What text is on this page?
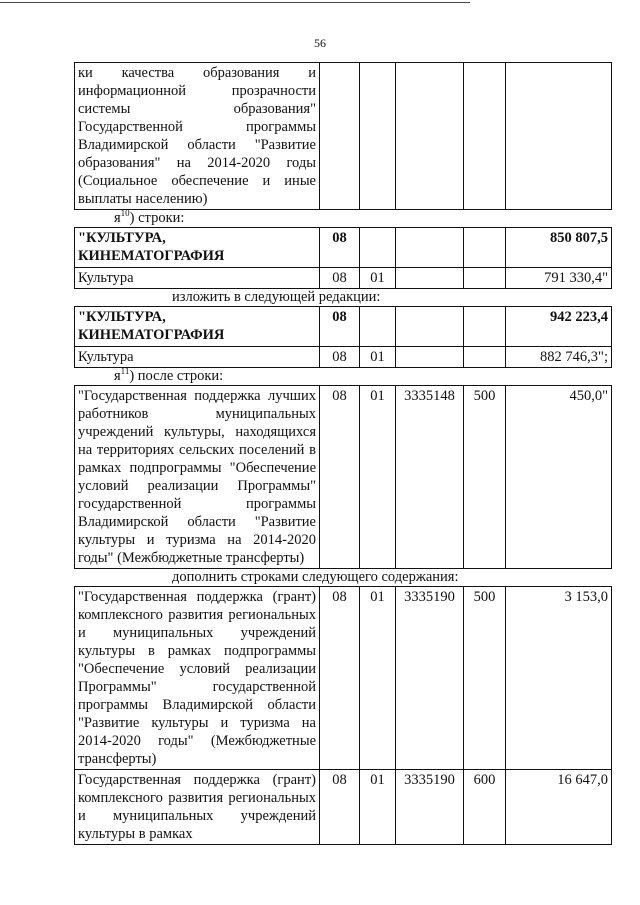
56
ки качества образования и информационной прозрачности системы образования" Государственной программы Владимирской области "Развитие образования" на 2014-2020 годы (Социальное обеспечение и иные выплаты населению)					
$я^{10}$) строки:
"КУЛЬТУРА, КИНЕМАТОГРАФИЯ	08				850 807,5
Культура	08	01			791 330,4"
изложить в следующей редакции:
"КУЛЬТУРА, КИНЕМАТОГРАФИЯ	08				942 223,4
Культура	08	01			882 746,3";
$я^{11}$) после строки:
"Государственная поддержка лучших работников муниципальных учреждений культуры, находящихся на территориях сельских поселений в рамках подпрограммы "Обеспечение условий реализации Программы" государственной программы Владимирской области "Развитие культуры и туризма на 2014-2020 годы" (Межбюджетные трансферты)	08	01	3335148	500	450,0"
дополнить строками следующего содержания:
"Государственная поддержка (грант) комплексного развития региональных и муниципальных учреждений культуры в рамках подпрограммы "Обеспечение условий реализации Программы" государственной программы Владимирской области "Развитие культуры и туризма на 2014-2020 годы" (Межбюджетные трансферты)	08	01	3335190	500	3 153,0
Государственная поддержка (грант) комплексного развития региональных и муниципальных учреждений культуры в рамках	08	01	3335190	600	16 647,0
